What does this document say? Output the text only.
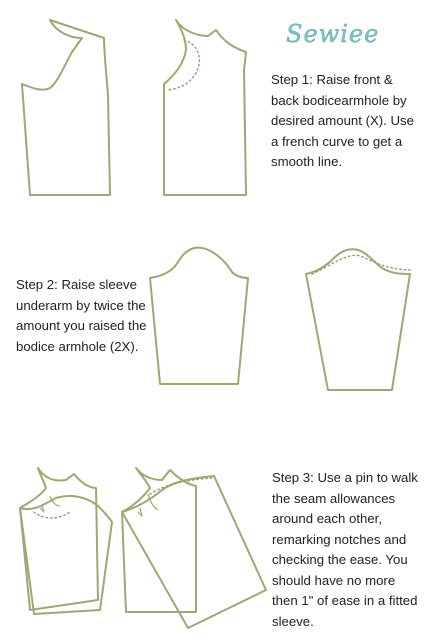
Sewiee

Step 1: Raise front & back bodicearmhole by desired amount (X). Use a french curve to get a smooth line.

Step 2: Raise sleeve underarm by twice the amount you raised the bodice armhole (2X).

Step 3: Use a pin to walk the seam allowances around each other, remarking notches and checking the ease. You should have no more then 1" of ease in a fitted sleeve.
